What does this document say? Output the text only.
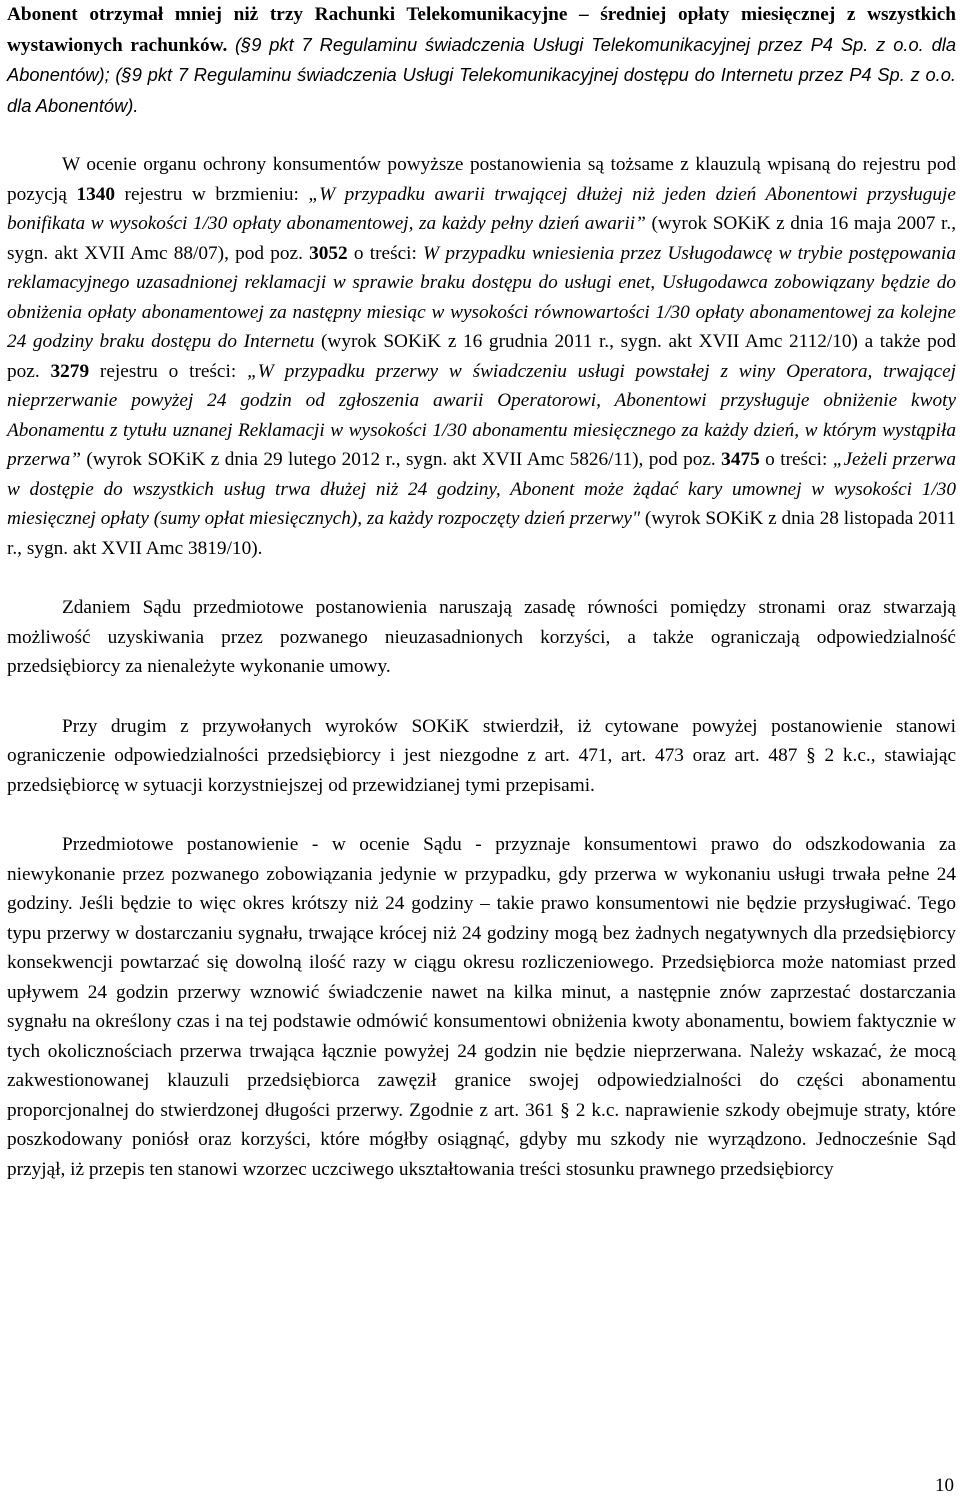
Abonent otrzymał mniej niż trzy Rachunki Telekomunikacyjne – średniej opłaty miesięcznej z wszystkich wystawionych rachunków. (§9 pkt 7 Regulaminu świadczenia Usługi Telekomunikacyjnej przez P4 Sp. z o.o. dla Abonentów); (§9 pkt 7 Regulaminu świadczenia Usługi Telekomunikacyjnej dostępu do Internetu przez P4 Sp. z o.o. dla Abonentów).

W ocenie organu ochrony konsumentów powyższe postanowienia są tożsame z klauzulą wpisaną do rejestru pod pozycją 1340 rejestru w brzmieniu: „W przypadku awarii trwającej dłużej niż jeden dzień Abonentowi przysługuje bonifikata w wysokości 1/30 opłaty abonamentowej, za każdy pełny dzień awarii” (wyrok SOKiK z dnia 16 maja 2007 r., sygn. akt XVII Amc 88/07), pod poz. 3052 o treści: W przypadku wniesienia przez Usługodawcę w trybie postępowania reklamacyjnego uzasadnionej reklamacji w sprawie braku dostępu do usługi enet, Usługodawca zobowiązany będzie do obniżenia opłaty abonamentowej za następny miesiąc w wysokości równowartości 1/30 opłaty abonamentowej za kolejne 24 godziny braku dostępu do Internetu (wyrok SOKiK z 16 grudnia 2011 r., sygn. akt XVII Amc 2112/10) a także pod poz. 3279 rejestru o treści: „W przypadku przerwy w świadczeniu usługi powstałej z winy Operatora, trwającej nieprzerwanie powyżej 24 godzin od zgłoszenia awarii Operatorowi, Abonentowi przysługuje obniżenie kwoty Abonamentu z tytułu uznanej Reklamacji w wysokości 1/30 abonamentu miesięcznego za każdy dzień, w którym wystąpiła przerwa” (wyrok SOKiK z dnia 29 lutego 2012 r., sygn. akt XVII Amc 5826/11), pod poz. 3475 o treści: „Jeżeli przerwa w dostępie do wszystkich usług trwa dłużej niż 24 godziny, Abonent może żądać kary umownej w wysokości 1/30 miesięcznej opłaty (sumy opłat miesięcznych), za każdy rozpoczęty dzień przerwy" (wyrok SOKiK z dnia 28 listopada 2011 r., sygn. akt XVII Amc 3819/10).

Zdaniem Sądu przedmiotowe postanowienia naruszają zasadę równości pomiędzy stronami oraz stwarzają możliwość uzyskiwania przez pozwanego nieuzasadnionych korzyści, a także ograniczają odpowiedzialność przedsiębiorcy za nienależyte wykonanie umowy.

Przy drugim z przywołanych wyroków SOKiK stwierdził, iż cytowane powyżej postanowienie stanowi ograniczenie odpowiedzialności przedsiębiorcy i jest niezgodne z art. 471, art. 473 oraz art. 487 § 2 k.c., stawiając przedsiębiorcę w sytuacji korzystniejszej od przewidzianej tymi przepisami.

Przedmiotowe postanowienie - w ocenie Sądu - przyznaje konsumentowi prawo do odszkodowania za niewykonanie przez pozwanego zobowiązania jedynie w przypadku, gdy przerwa w wykonaniu usługi trwała pełne 24 godziny. Jeśli będzie to więc okres krótszy niż 24 godziny – takie prawo konsumentowi nie będzie przysługiwać. Tego typu przerwy w dostarczaniu sygnału, trwające krócej niż 24 godziny mogą bez żadnych negatywnych dla przedsiębiorcy konsekwencji powtarzać się dowolną ilość razy w ciągu okresu rozliczeniowego. Przedsiębiorca może natomiast przed upływem 24 godzin przerwy wznowić świadczenie nawet na kilka minut, a następnie znów zaprzestać dostarczania sygnału na określony czas i na tej podstawie odmówić konsumentowi obniżenia kwoty abonamentu, bowiem faktycznie w tych okolicznościach przerwa trwająca łącznie powyżej 24 godzin nie będzie nieprzerwana. Należy wskazać, że mocą zakwestionowanej klauzuli przedsiębiorca zawęził granice swojej odpowiedzialności do części abonamentu proporcjonalnej do stwierdzonej długości przerwy. Zgodnie z art. 361 § 2 k.c. naprawienie szkody obejmuje straty, które poszkodowany poniósł oraz korzyści, które mógłby osiągnąć, gdyby mu szkody nie wyrządzono. Jednocześnie Sąd przyjął, iż przepis ten stanowi wzorzec uczciwego ukształtowania treści stosunku prawnego przedsiębiorcy

10
